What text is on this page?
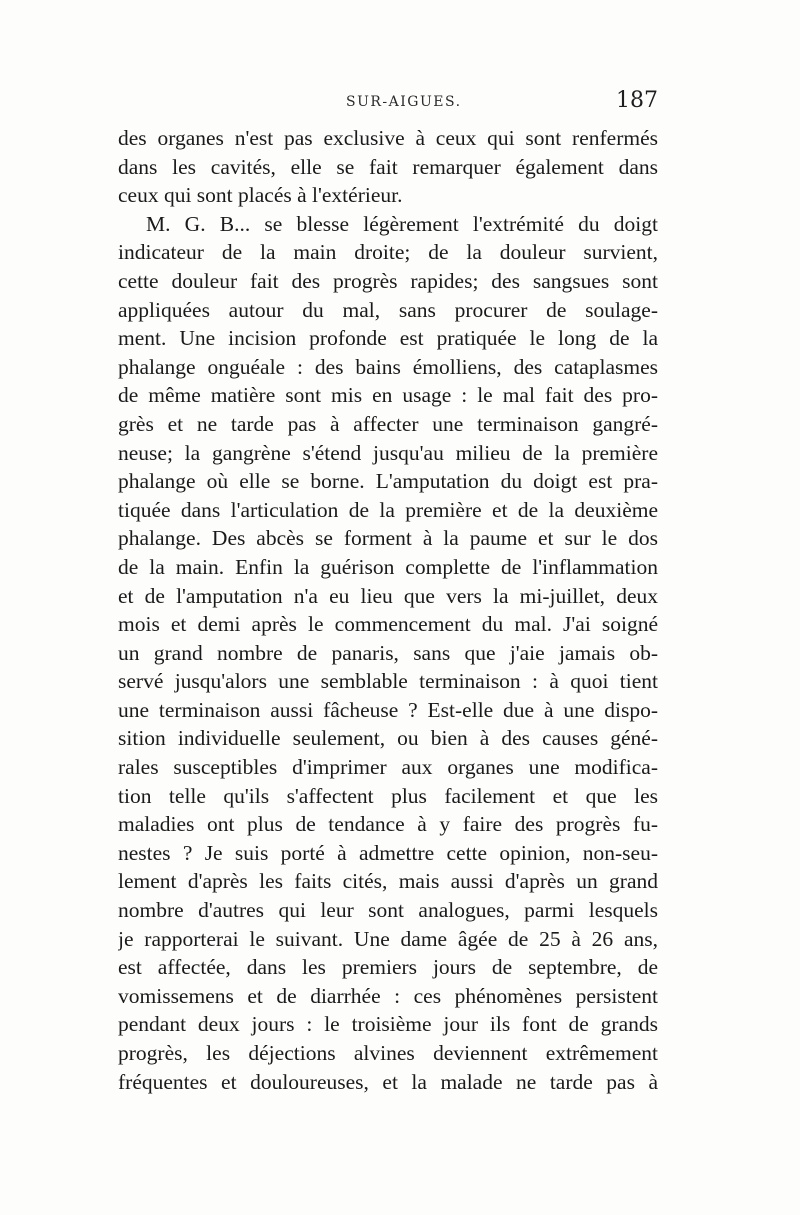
SUR-AIGUES.	187
des organes n'est pas exclusive à ceux qui sont renfermés
dans les cavités, elle se fait remarquer également dans
ceux qui sont placés à l'extérieur.
M. G. B... se blesse légèrement l'extrémité du doigt
indicateur de la main droite; de la douleur survient,
cette douleur fait des progrès rapides; des sangsues sont
appliquées autour du mal, sans procurer de soulage-
ment. Une incision profonde est pratiquée le long de la
phalange onguéale : des bains émolliens, des cataplasmes
de même matière sont mis en usage : le mal fait des pro-
grès et ne tarde pas à affecter une terminaison gangré-
neuse; la gangrène s'étend jusqu'au milieu de la première
phalange où elle se borne. L'amputation du doigt est pra-
tiquée dans l'articulation de la première et de la deuxième
phalange. Des abcès se forment à la paume et sur le dos
de la main. Enfin la guérison complette de l'inflammation
et de l'amputation n'a eu lieu que vers la mi-juillet, deux
mois et demi après le commencement du mal. J'ai soigné
un grand nombre de panaris, sans que j'aie jamais ob-
servé jusqu'alors une semblable terminaison : à quoi tient
une terminaison aussi fâcheuse ? Est-elle due à une dispo-
sition individuelle seulement, ou bien à des causes géné-
rales susceptibles d'imprimer aux organes une modifica-
tion telle qu'ils s'affectent plus facilement et que les
maladies ont plus de tendance à y faire des progrès fu-
nestes ? Je suis porté à admettre cette opinion, non-seu-
lement d'après les faits cités, mais aussi d'après un grand
nombre d'autres qui leur sont analogues, parmi lesquels
je rapporterai le suivant. Une dame âgée de 25 à 26 ans,
est affectée, dans les premiers jours de septembre, de
vomissemens et de diarrhée : ces phénomènes persistent
pendant deux jours : le troisième jour ils font de grands
progrès, les déjections alvines deviennent extrêmement
fréquentes et douloureuses, et la malade ne tarde pas à
